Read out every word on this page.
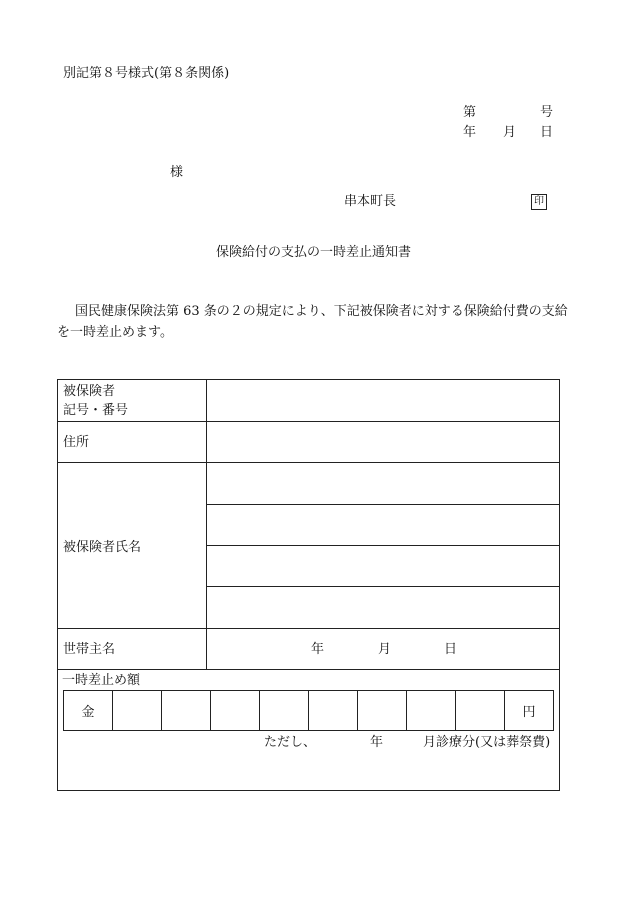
別記第８号様式(第８条関係)
第	号
年 月 日
様
串本町長	印
保険給付の支払の一時差止通知書
国民健康保険法第 63 条の２の規定により、下記被保険者に対する保険給付費の支給
を一時差止めます。
被保険者
記号・番号
住所
被保険者氏名
世帯主名	年	月	日
一時差止め額
金	円
ただし、	年	月診療分(又は葬祭費)
